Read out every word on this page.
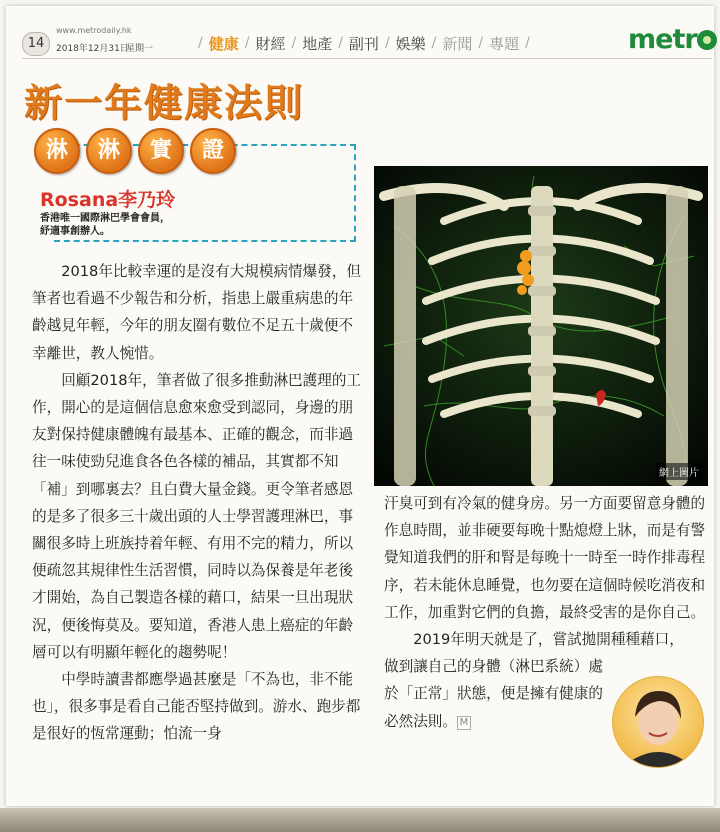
14
www.metrodaily.hk
2018年12月31日
星期一	/ 健康 / 財經 / 地產 / 副刊 / 娛樂 / 新聞 / 專題 /	metr
新一年健康法則
淋	淋	實	證
Rosana李乃玲
香港唯一國際淋巴學會會員，
紓適事創辦人。

2018年比較幸運的是沒有大規模病情爆發，但筆者也看過不少報告和分析，指患上嚴重病患的年齡越見年輕，今年的朋友圈有數位不足五十歲便不幸離世，教人惋惜。

回顧2018年，筆者做了很多推動淋巴護理的工作，開心的是這個信息愈來愈受到認同，身邊的朋友對保持健康體魄有最基本、正確的觀念，而非過往一味使勁兒進食各色各樣的補品，其實都不知「補」到哪裏去？且白費大量金錢。更令筆者感恩的是多了很多三十歲出頭的人士學習護理淋巴，事關很多時上班族持着年輕、有用不完的精力，所以便疏忽其規律性生活習慣，同時以為保養是年老後才開始，為自己製造各樣的藉口，結果一旦出現狀況，便後悔莫及。要知道，香港人患上癌症的年齡層可以有明顯年輕化的趨勢呢！

中學時讀書都應學過甚麼是「不為也，非不能也」，很多事是看自己能否堅持做到。游水、跑步都是很好的恆常運動；怕流一身

網上圖片

汗臭可到有冷氣的健身房。另一方面要留意身體的作息時間，並非硬要每晚十點熄燈上牀，而是有警覺知道我們的肝和腎是每晚十一時至一時作排毒程序，若未能休息睡覺，也勿要在這個時候吃消夜和工作，加重對它們的負擔，最終受害的是你自己。

2019年明天就是了，嘗試拋開種種藉口，

做到讓自己的身體（淋巴系統）處於「正常」狀態，便是擁有健康的必然法則。 M
